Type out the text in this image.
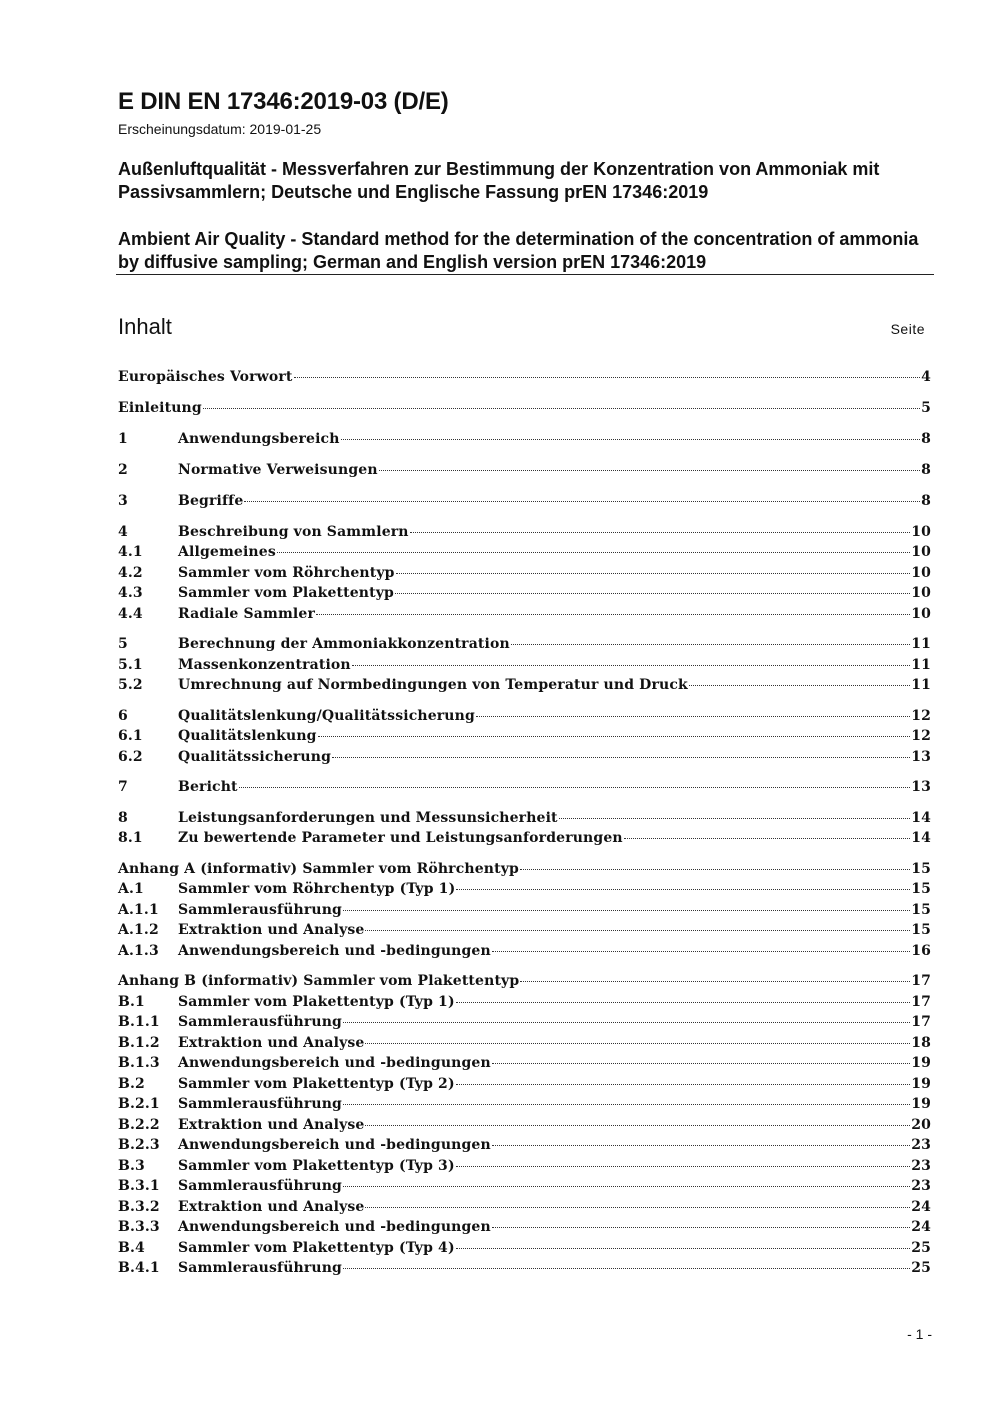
E DIN EN 17346:2019-03 (D/E)
Erscheinungsdatum: 2019-01-25
Außenluftqualität - Messverfahren zur Bestimmung der Konzentration von Ammoniak mit Passivsammlern; Deutsche und Englische Fassung prEN 17346:2019
Ambient Air Quality - Standard method for the determination of the concentration of ammonia by diffusive sampling; German and English version prEN 17346:2019
Inhalt	Seite
Europäisches Vorwort	4
Einleitung	5
1	Anwendungsbereich	8
2	Normative Verweisungen	8
3	Begriffe	8
4	Beschreibung von Sammlern	10
4.1	Allgemeines	10
4.2	Sammler vom Röhrchentyp	10
4.3	Sammler vom Plakettentyp	10
4.4	Radiale Sammler	10
5	Berechnung der Ammoniakkonzentration	11
5.1	Massenkonzentration	11
5.2	Umrechnung auf Normbedingungen von Temperatur und Druck	11
6	Qualitätslenkung/Qualitätssicherung	12
6.1	Qualitätslenkung	12
6.2	Qualitätssicherung	13
7	Bericht	13
8	Leistungsanforderungen und Messunsicherheit	14
8.1	Zu bewertende Parameter und Leistungsanforderungen	14
Anhang A (informativ) Sammler vom Röhrchentyp	15
A.1	Sammler vom Röhrchentyp (Typ 1)	15
A.1.1	Sammlerausführung	15
A.1.2	Extraktion und Analyse	15
A.1.3	Anwendungsbereich und -bedingungen	16
Anhang B (informativ) Sammler vom Plakettentyp	17
B.1	Sammler vom Plakettentyp (Typ 1)	17
B.1.1	Sammlerausführung	17
B.1.2	Extraktion und Analyse	18
B.1.3	Anwendungsbereich und -bedingungen	19
B.2	Sammler vom Plakettentyp (Typ 2)	19
B.2.1	Sammlerausführung	19
B.2.2	Extraktion und Analyse	20
B.2.3	Anwendungsbereich und -bedingungen	23
B.3	Sammler vom Plakettentyp (Typ 3)	23
B.3.1	Sammlerausführung	23
B.3.2	Extraktion und Analyse	24
B.3.3	Anwendungsbereich und -bedingungen	24
B.4	Sammler vom Plakettentyp (Typ 4)	25
B.4.1	Sammlerausführung	25
- 1 -
